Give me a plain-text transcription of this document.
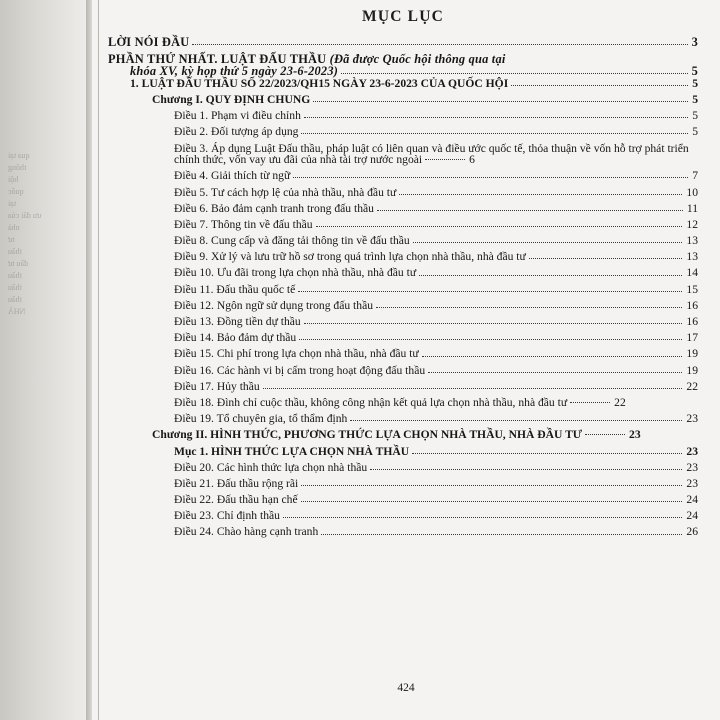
qua tại
thông
hội
quốc
tại
ưu đãi của
nhà
tư
thầu
đầu tư
thầu
thầu
thầu
NHÀ
MỤC LỤC
LỜI NÓI ĐẦU	3
PHẦN THỨ NHẤT. LUẬT ĐẤU THẦU (Đã được Quốc hội thông qua tại
khóa XV, kỳ họp thứ 5 ngày 23-6-2023)	5
1. LUẬT ĐẤU THẦU SỐ 22/2023/QH15 NGÀY 23-6-2023 CỦA QUỐC HỘI	5
Chương I. QUY ĐỊNH CHUNG	5
Điều 1. Phạm vi điều chỉnh	5
Điều 2. Đối tượng áp dụng	5
Điều 3. Áp dụng Luật Đấu thầu, pháp luật có liên quan và điều ước quốc tế, thỏa thuận về vốn hỗ trợ phát triển chính thức, vốn vay ưu đãi của nhà tài trợ nước ngoài	6
Điều 4. Giải thích từ ngữ	7
Điều 5. Tư cách hợp lệ của nhà thầu, nhà đầu tư	10
Điều 6. Bảo đảm cạnh tranh trong đấu thầu	11
Điều 7. Thông tin về đấu thầu	12
Điều 8. Cung cấp và đăng tải thông tin về đấu thầu	13
Điều 9. Xử lý và lưu trữ hồ sơ trong quá trình lựa chọn nhà thầu, nhà đầu tư	13
Điều 10. Ưu đãi trong lựa chọn nhà thầu, nhà đầu tư	14
Điều 11. Đấu thầu quốc tế	15
Điều 12. Ngôn ngữ sử dụng trong đấu thầu	16
Điều 13. Đồng tiền dự thầu	16
Điều 14. Bảo đảm dự thầu	17
Điều 15. Chi phí trong lựa chọn nhà thầu, nhà đầu tư	19
Điều 16. Các hành vi bị cấm trong hoạt động đấu thầu	19
Điều 17. Hủy thầu	22
Điều 18. Đình chỉ cuộc thầu, không công nhận kết quả lựa chọn nhà thầu, nhà đầu tư	22
Điều 19. Tổ chuyên gia, tổ thẩm định	23
Chương II. HÌNH THỨC, PHƯƠNG THỨC LỰA CHỌN NHÀ THẦU, NHÀ ĐẦU TƯ	23
Mục 1. HÌNH THỨC LỰA CHỌN NHÀ THẦU	23
Điều 20. Các hình thức lựa chọn nhà thầu	23
Điều 21. Đấu thầu rộng rãi	23
Điều 22. Đấu thầu hạn chế	24
Điều 23. Chỉ định thầu	24
Điều 24. Chào hàng cạnh tranh	26
424
